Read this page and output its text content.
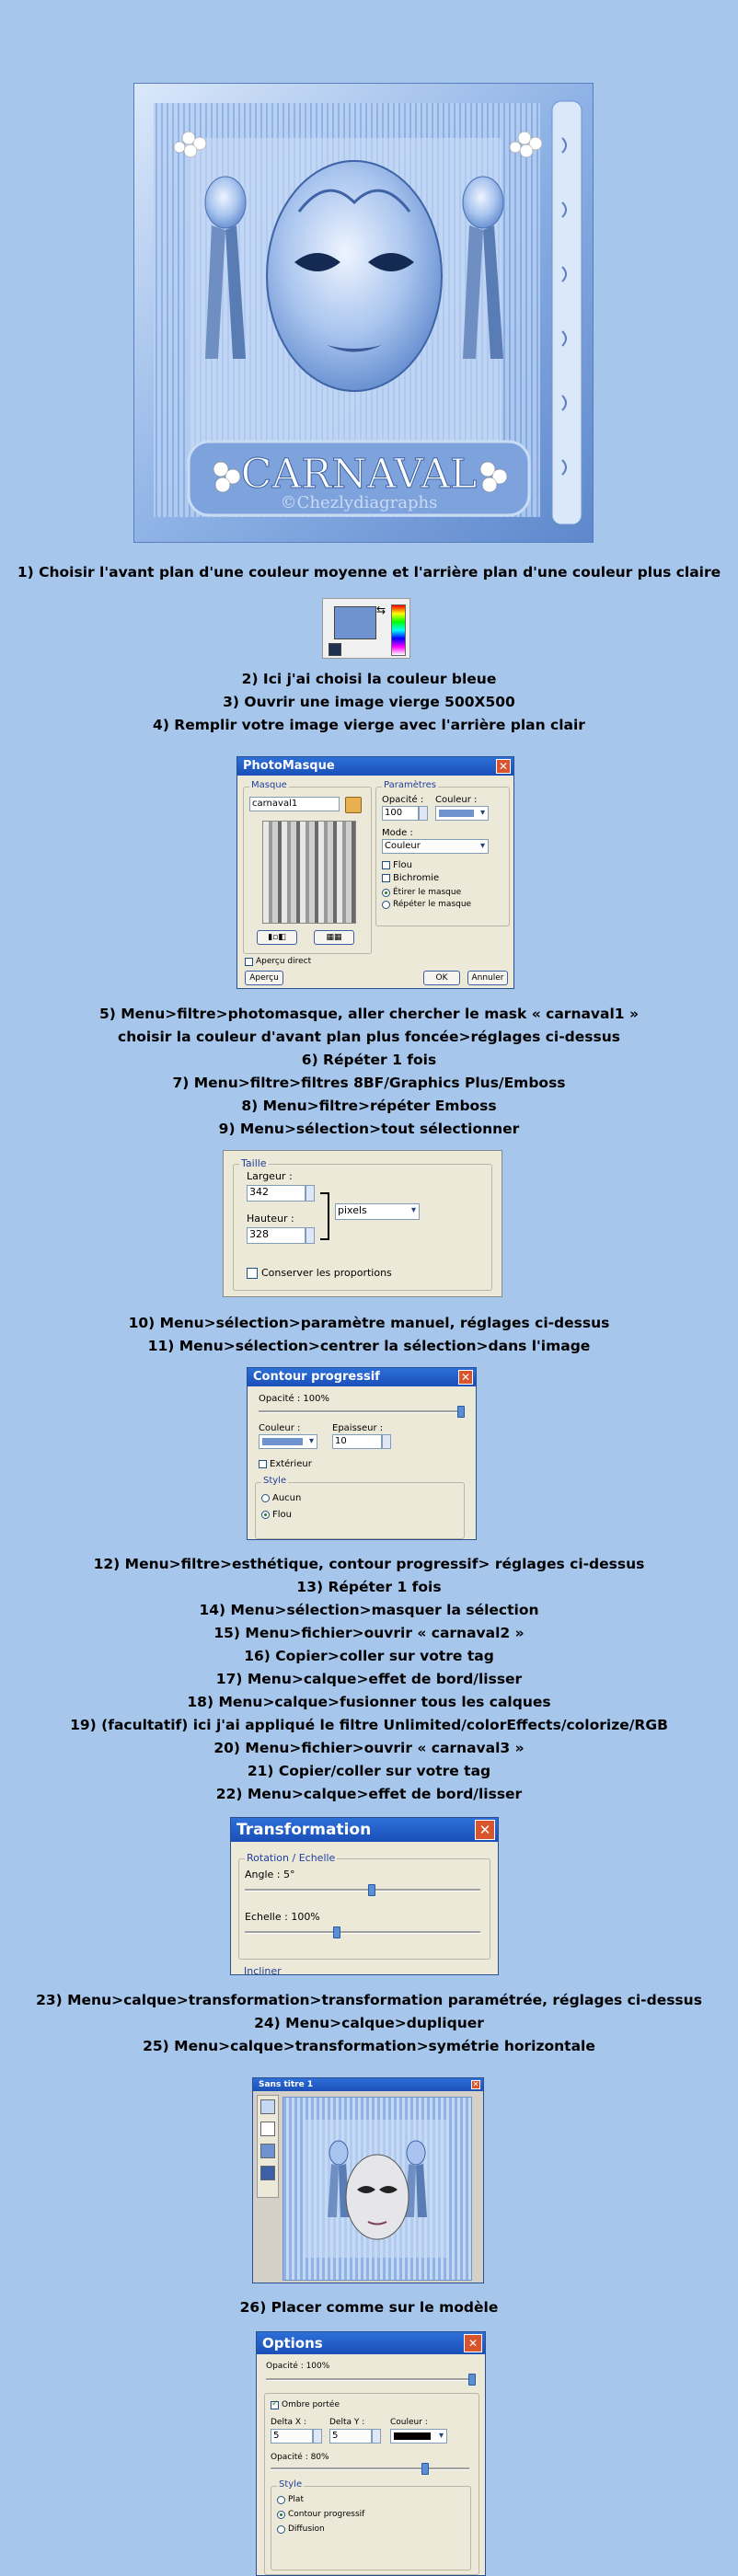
CARNAVAL
©Chezlydiagraphs
1) Choisir l'avant plan d'une couleur moyenne et l'arrière plan d'une couleur plus claire
⇆
2) Ici j'ai choisi la couleur bleue
3) Ouvrir une image vierge 500X500
4) Remplir votre image vierge avec l'arrière plan clair
PhotoMasque	✕
Masque
carnaval1
▮▫◧	▦▦
Paramètres
Opacité :
100
Couleur :
▾
Mode :
Couleur ▾
Flou
Bichromie
Étirer le masque
Répéter le masque
Aperçu direct
Aperçu	OK	Annuler
5) Menu>filtre>photomasque, aller chercher le mask « carnaval1 »
choisir la couleur d'avant plan plus foncée>réglages ci-dessus
6) Répéter 1 fois
7) Menu>filtre>filtres 8BF/Graphics Plus/Emboss
8) Menu>filtre>répéter Emboss
9) Menu>sélection>tout sélectionner
Taille
Largeur :
342
Hauteur :
328
pixels ▾
Conserver les proportions
10) Menu>sélection>paramètre manuel, réglages ci-dessus
11) Menu>sélection>centrer la sélection>dans l'image
Contour progressif	✕
Opacité : 100%
Couleur :
▾	Epaisseur :
10
Extérieur
Style
Aucun
Flou
12) Menu>filtre>esthétique, contour progressif> réglages ci-dessus
13) Répéter 1 fois
14) Menu>sélection>masquer la sélection
15) Menu>fichier>ouvrir « carnaval2 »
16) Copier>coller sur votre tag
17) Menu>calque>effet de bord/lisser
18) Menu>calque>fusionner tous les calques
19) (facultatif) ici j'ai appliqué le filtre Unlimited/colorEffects/colorize/RGB
20) Menu>fichier>ouvrir « carnaval3 »
21) Copier/coller sur votre tag
22) Menu>calque>effet de bord/lisser
Transformation	✕
Rotation / Echelle
Angle : 5°
Echelle : 100%
Incliner
23) Menu>calque>transformation>transformation paramétrée, réglages ci-dessus
24) Menu>calque>dupliquer
25) Menu>calque>transformation>symétrie horizontale
Sans titre 1	✕
26) Placer comme sur le modèle
Options	✕
Opacité : 100%
✓ Ombre portée
Delta X :
5
Delta Y :
5
Couleur :
▾
Opacité : 80%
Style
Plat
Contour progressif
Diffusion
